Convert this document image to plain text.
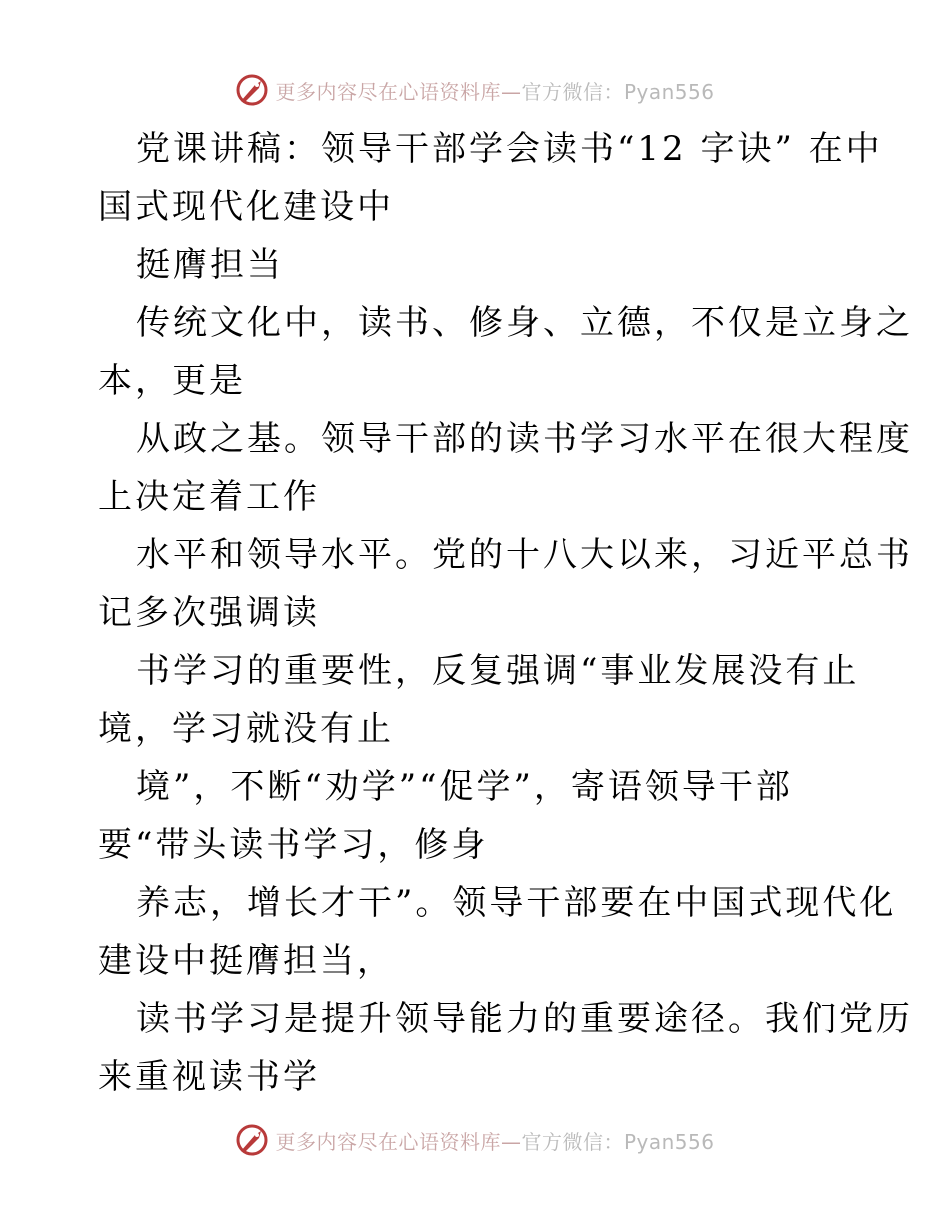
更多内容尽在心语资料库—官方微信：Pyan556
党课讲稿：领导干部学会读书“12 字诀” 在中
国式现代化建设中
挺膺担当
传统文化中，读书、修身、立德，不仅是立身之
本，更是
从政之基。领导干部的读书学习水平在很大程度
上决定着工作
水平和领导水平。党的十八大以来，习近平总书
记多次强调读
书学习的重要性，反复强调“事业发展没有止
境，学习就没有止
境”，不断“劝学”“促学”，寄语领导干部
要“带头读书学习，修身
养志，增长才干”。领导干部要在中国式现代化
建设中挺膺担当，
读书学习是提升领导能力的重要途径。我们党历
来重视读书学
更多内容尽在心语资料库—官方微信：Pyan556
